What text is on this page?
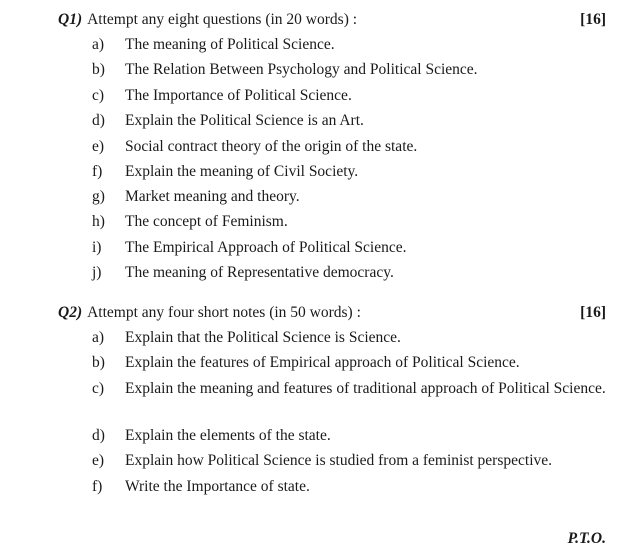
Q1) Attempt any eight questions (in 20 words) :	[16]
a)	The meaning of Political Science.
b)	The Relation Between Psychology and Political Science.
c)	The Importance of Political Science.
d)	Explain the Political Science is an Art.
e)	Social contract theory of the origin of the state.
f)	Explain the meaning of Civil Society.
g)	Market meaning and theory.
h)	The concept of Feminism.
i)	The Empirical Approach of Political Science.
j)	The meaning of Representative democracy.
Q2) Attempt any four short notes (in 50 words) :	[16]
a)	Explain that the Political Science is Science.
b)	Explain the features of Empirical approach of Political Science.
c)	Explain the meaning and features of traditional approach of Political Science.
d)	Explain the elements of the state.
e)	Explain how Political Science is studied from a feminist perspective.
f)	Write the Importance of state.
P.T.O.
